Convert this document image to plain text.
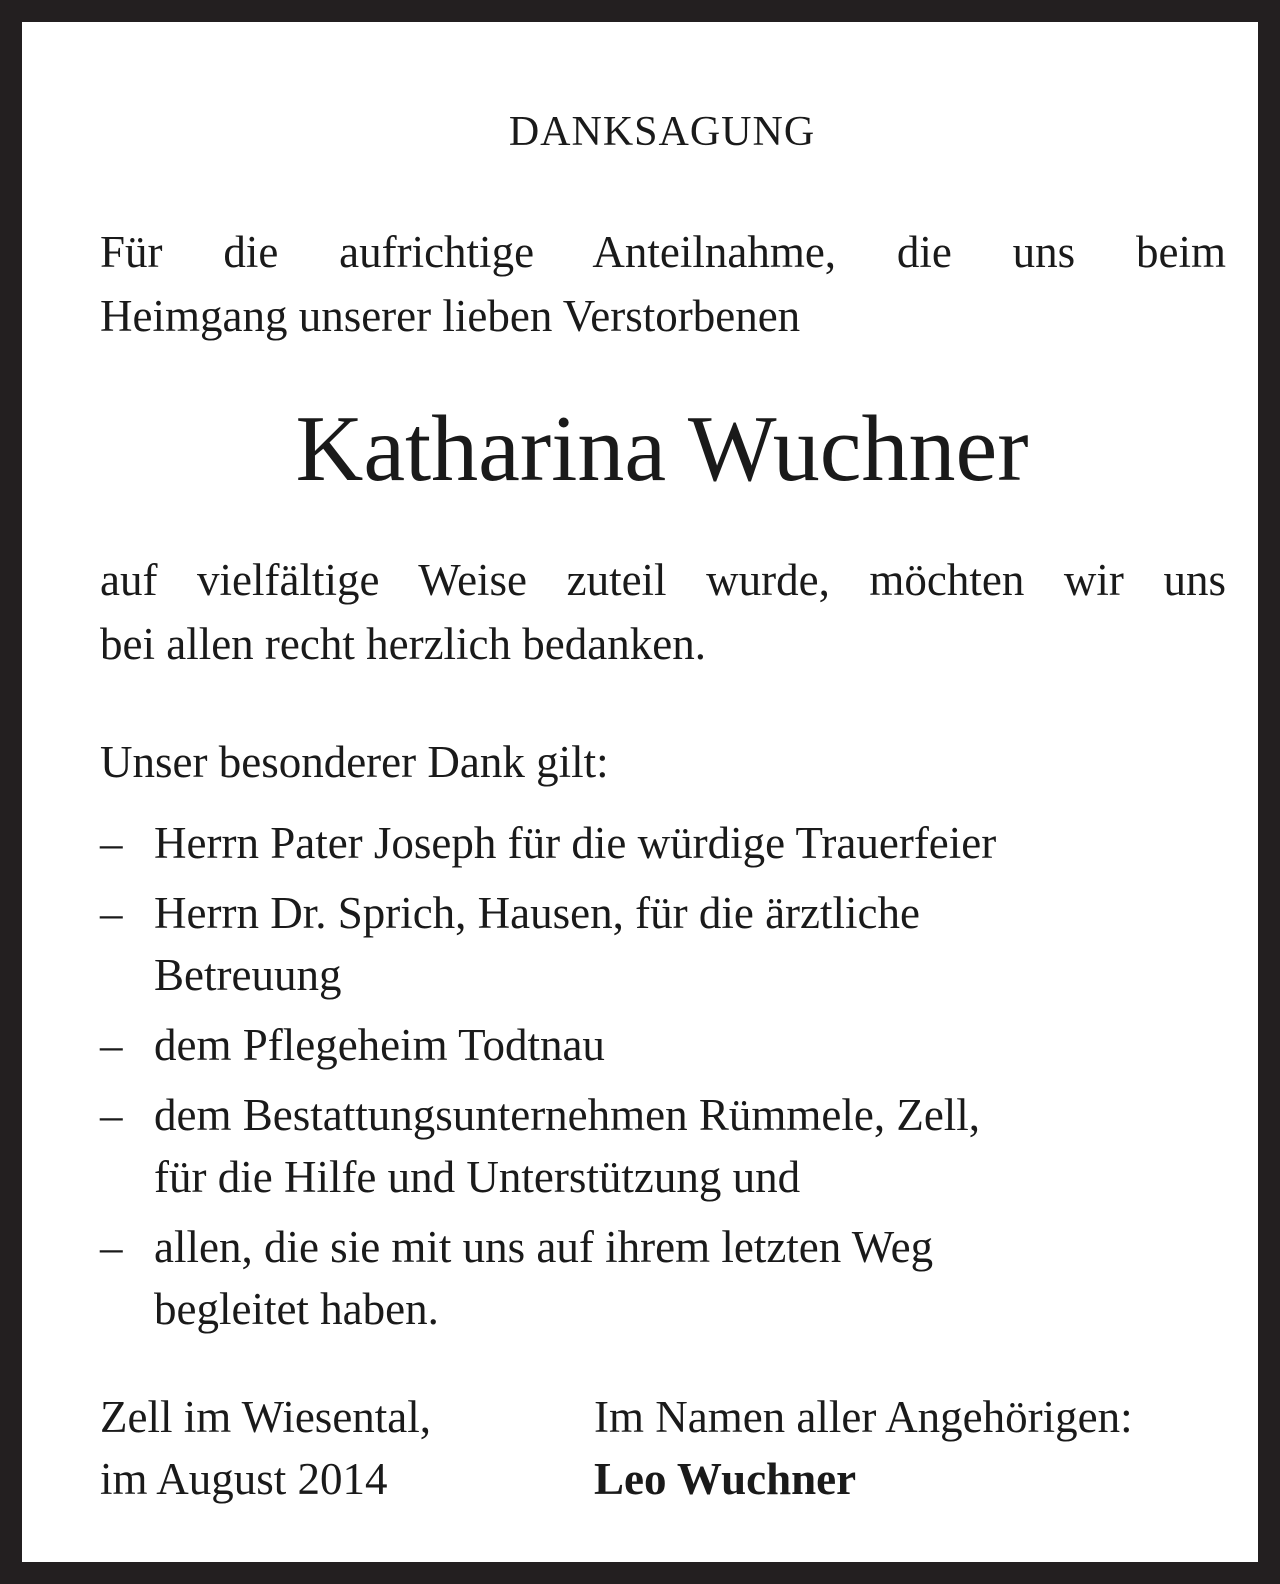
DANKSAGUNG
Für die aufrichtige Anteilnahme, die uns beim
Heimgang unserer lieben Verstorbenen
Katharina Wuchner
auf vielfältige Weise zuteil wurde, möchten wir uns
bei allen recht herzlich bedanken.
Unser besonderer Dank gilt:
– Herrn Pater Joseph für die würdige Trauerfeier
– Herrn Dr. Sprich, Hausen, für die ärztliche
Betreuung
– dem Pflegeheim Todtnau
– dem Bestattungsunternehmen Rümmele, Zell,
für die Hilfe und Unterstützung und
– allen, die sie mit uns auf ihrem letzten Weg
begleitet haben.
Zell im Wiesental,
im August 2014
Im Namen aller Angehörigen:
Leo Wuchner
